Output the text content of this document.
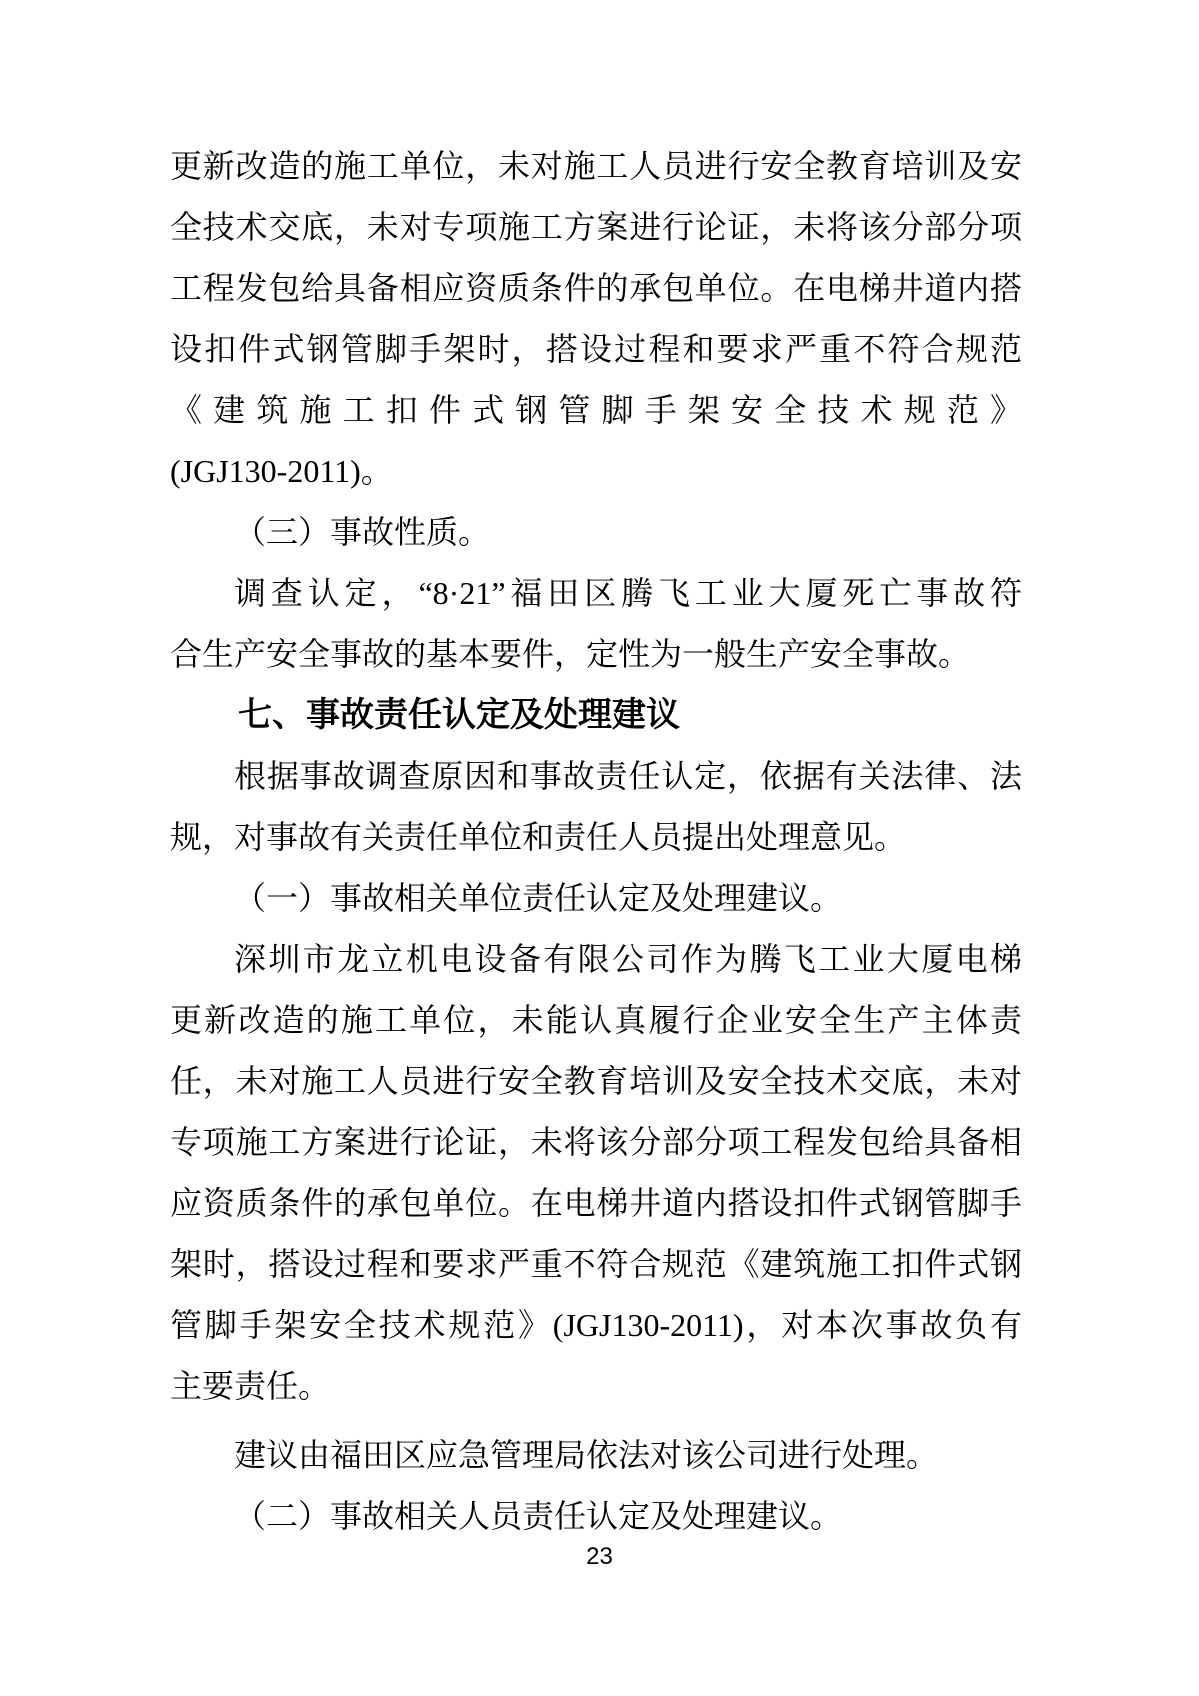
更新改造的施工单位，未对施工人员进行安全教育培训及安
全技术交底，未对专项施工方案进行论证，未将该分部分项
工程发包给具备相应资质条件的承包单位。在电梯井道内搭
设扣件式钢管脚手架时，搭设过程和要求严重不符合规范
《建筑施工扣件式钢管脚手架安全技术规范》
(JGJ130-2011)。
（三）事故性质。
调查认定，“8·21”福田区腾飞工业大厦死亡事故符
合生产安全事故的基本要件，定性为一般生产安全事故。
七、事故责任认定及处理建议
根据事故调查原因和事故责任认定，依据有关法律、法
规，对事故有关责任单位和责任人员提出处理意见。
（一）事故相关单位责任认定及处理建议。
深圳市龙立机电设备有限公司作为腾飞工业大厦电梯
更新改造的施工单位，未能认真履行企业安全生产主体责
任，未对施工人员进行安全教育培训及安全技术交底，未对
专项施工方案进行论证，未将该分部分项工程发包给具备相
应资质条件的承包单位。在电梯井道内搭设扣件式钢管脚手
架时，搭设过程和要求严重不符合规范《建筑施工扣件式钢
管脚手架安全技术规范》(JGJ130-2011)，对本次事故负有
主要责任。
建议由福田区应急管理局依法对该公司进行处理。
（二）事故相关人员责任认定及处理建议。
23
